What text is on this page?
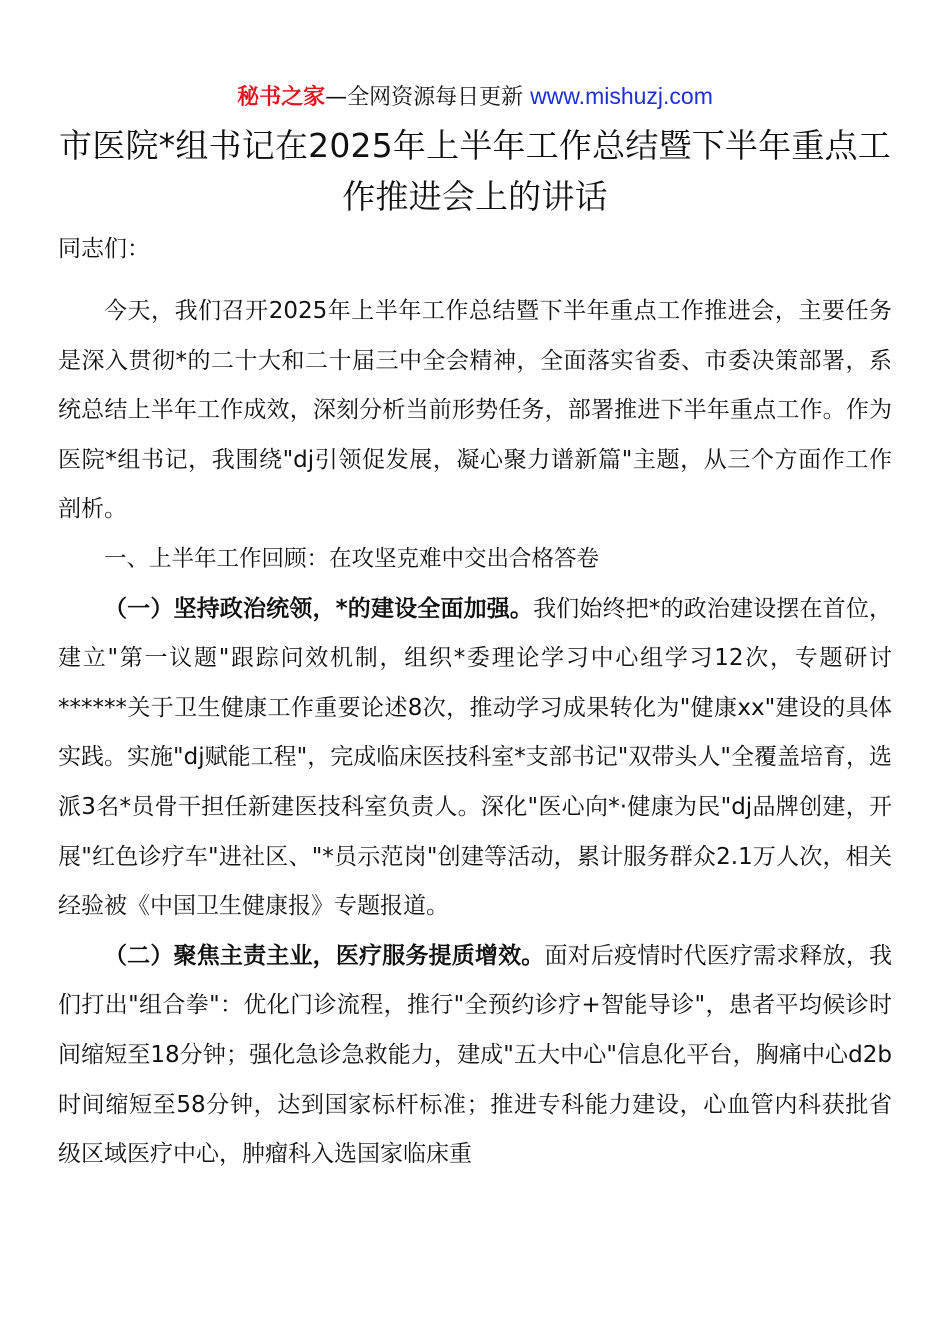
秘书之家—全网资源每日更新 www.mishuzj.com
市医院*组书记在2025年上半年工作总结暨下半年重点工作推进会上的讲话

同志们：

今天，我们召开2025年上半年工作总结暨下半年重点工作推进会，主要任务是深入贯彻*的二十大和二十届三中全会精神，全面落实省委、市委决策部署，系统总结上半年工作成效，深刻分析当前形势任务，部署推进下半年重点工作。作为医院*组书记，我围绕"dj引领促发展，凝心聚力谱新篇"主题，从三个方面作工作剖析。

一、上半年工作回顾：在攻坚克难中交出合格答卷

（一）坚持政治统领，*的建设全面加强。我们始终把*的政治建设摆在首位，建立"第一议题"跟踪问效机制，组织*委理论学习中心组学习12次，专题研讨******关于卫生健康工作重要论述8次，推动学习成果转化为"健康xx"建设的具体实践。实施"dj赋能工程"，完成临床医技科室*支部书记"双带头人"全覆盖培育，选派3名*员骨干担任新建医技科室负责人。深化"医心向*·健康为民"dj品牌创建，开展"红色诊疗车"进社区、"*员示范岗"创建等活动，累计服务群众2.1万人次，相关经验被《中国卫生健康报》专题报道。

（二）聚焦主责主业，医疗服务提质增效。面对后疫情时代医疗需求释放，我们打出"组合拳"：优化门诊流程，推行"全预约诊疗+智能导诊"，患者平均候诊时间缩短至18分钟；强化急诊急救能力，建成"五大中心"信息化平台，胸痛中心d2b时间缩短至58分钟，达到国家标杆标准；推进专科能力建设，心血管内科获批省级区域医疗中心，肿瘤科入选国家临床重
